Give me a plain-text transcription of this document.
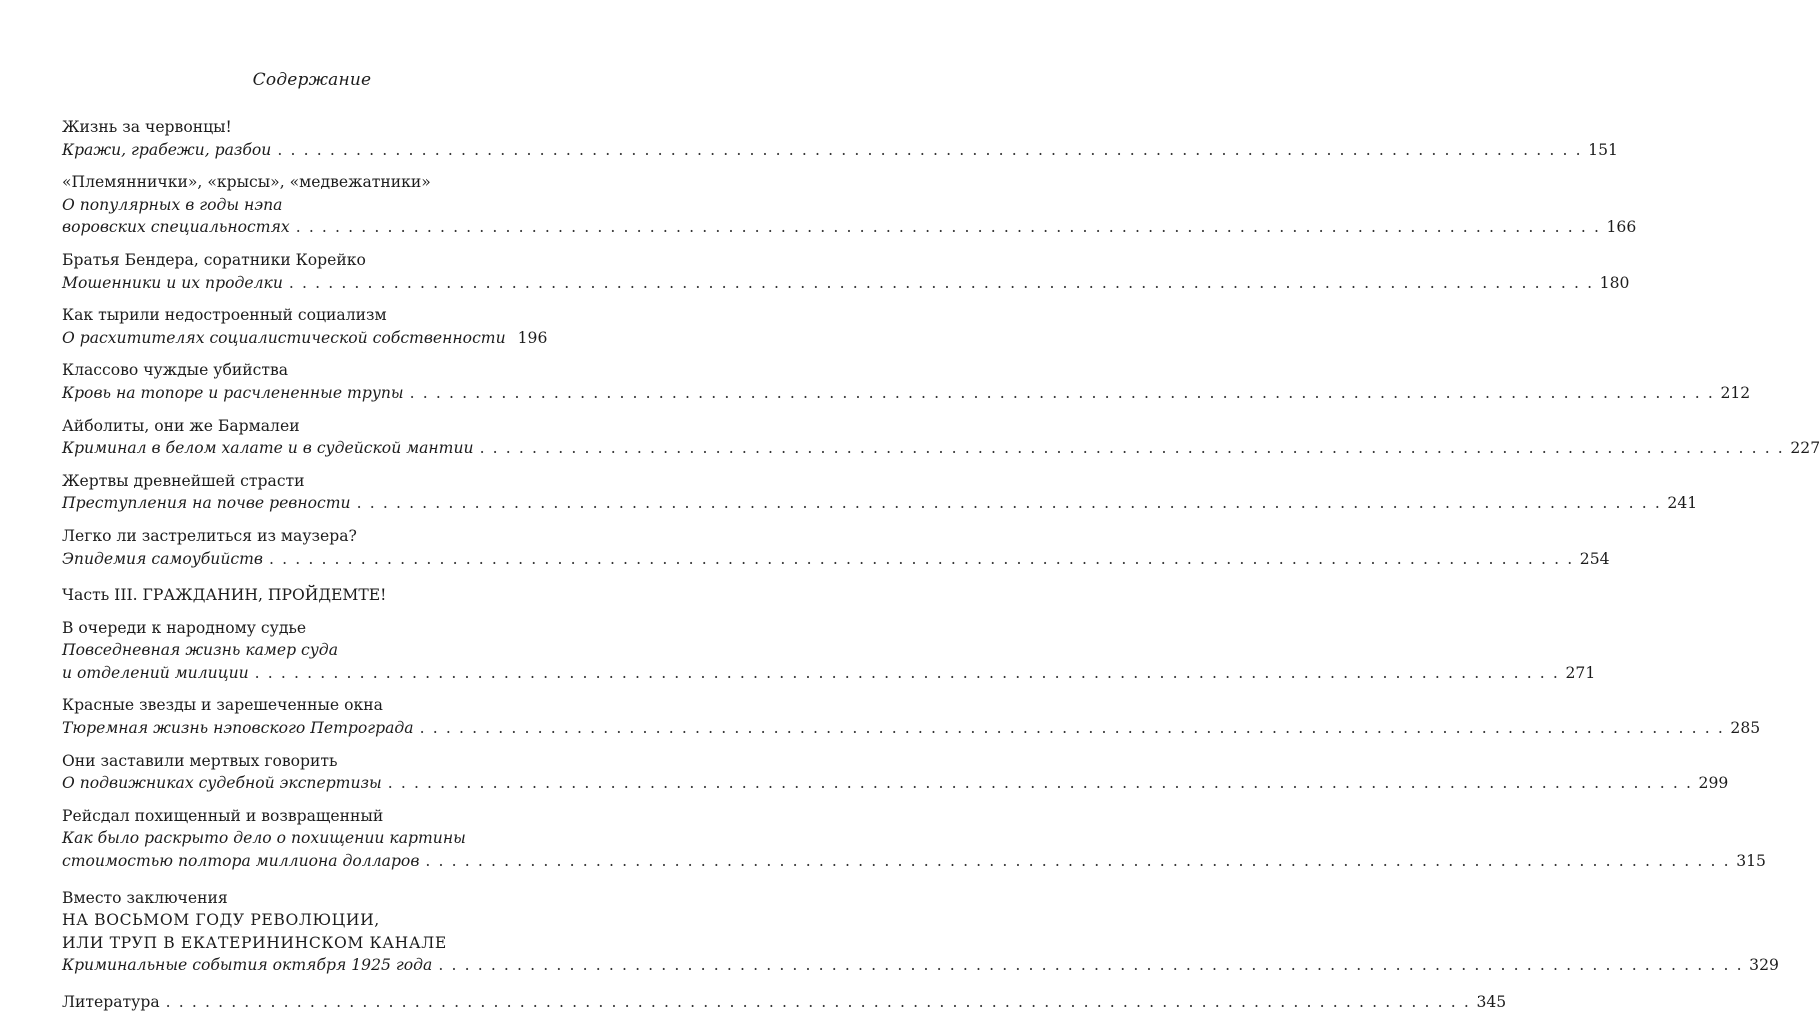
Содержание
Жизнь за червонцы!
Кражи, грабежи, разбои . . .	151
«Племяннички», «крысы», «медвежатники»
О популярных в годы нэпа
воровских специальностях . . .	166
Братья Бендера, соратники Корейко
Мошенники и их проделки . . .	180
Как тырили недостроенный социализм
О расхитителях социалистической собственности 196
Классово чуждые убийства
Кровь на топоре и расчлененные трупы . . .	212
Айболиты, они же Бармалеи
Криминал в белом халате и в судейской мантии . . .	227
Жертвы древнейшей страсти
Преступления на почве ревности . . .	241
Легко ли застрелиться из маузера?
Эпидемия самоубийств . . .	254
Часть III. ГРАЖДАНИН, ПРОЙДЕМТЕ!
В очереди к народному судье
Повседневная жизнь камер суда
и отделений милиции . . .	271
Красные звезды и зарешеченные окна
Тюремная жизнь нэповского Петрограда . . .	285
Они заставили мертвых говорить
О подвижниках судебной экспертизы . . .	299
Рейсдал похищенный и возвращенный
Как было раскрыто дело о похищении картины
стоимостью полтора миллиона долларов . . .	315
Вместо заключения
НА ВОСЬМОМ ГОДУ РЕВОЛЮЦИИ,
ИЛИ ТРУП В ЕКАТЕРИНИНСКОМ КАНАЛЕ
Криминальные события октября 1925 года . . .	329
Литература . . .	345
